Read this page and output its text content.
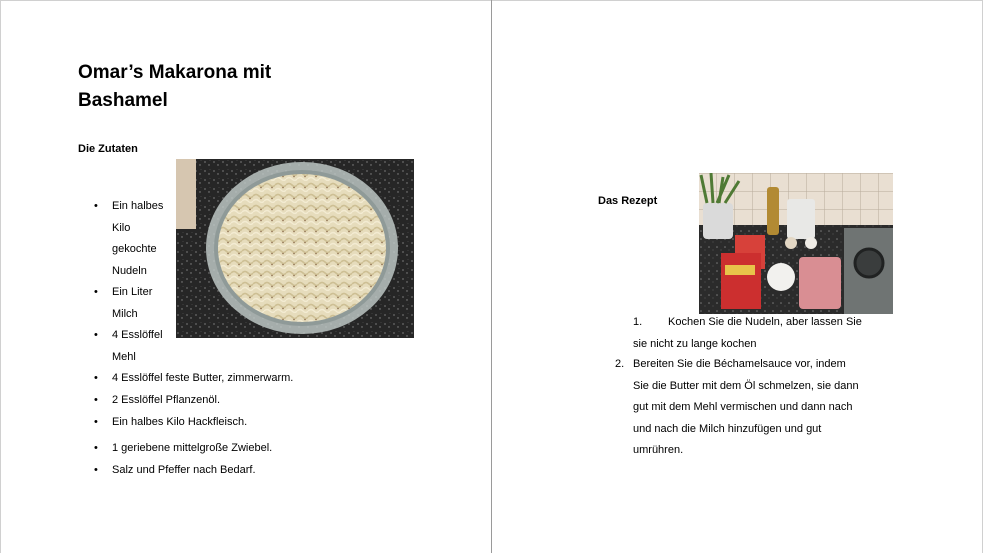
Omar’s Makarona mit Bashamel
Die Zutaten
• Ein halbes Kilo gekochte Nudeln
• Ein Liter Milch
• 4 Esslöffel Mehl
• 4 Esslöffel feste Butter, zimmerwarm.
• 2 Esslöffel Pflanzenöl.
• Ein halbes Kilo Hackfleisch.
• 1 geriebene mittelgroße Zwiebel.
• Salz und Pfeffer nach Bedarf.
Das Rezept
1.	Kochen Sie die Nudeln, aber lassen Sie sie nicht zu lange kochen
2. Bereiten Sie die Béchamelsauce vor, indem Sie die Butter mit dem Öl schmelzen, sie dann gut mit dem Mehl vermischen und dann nach und nach die Milch hinzufügen und gut umrühren.
